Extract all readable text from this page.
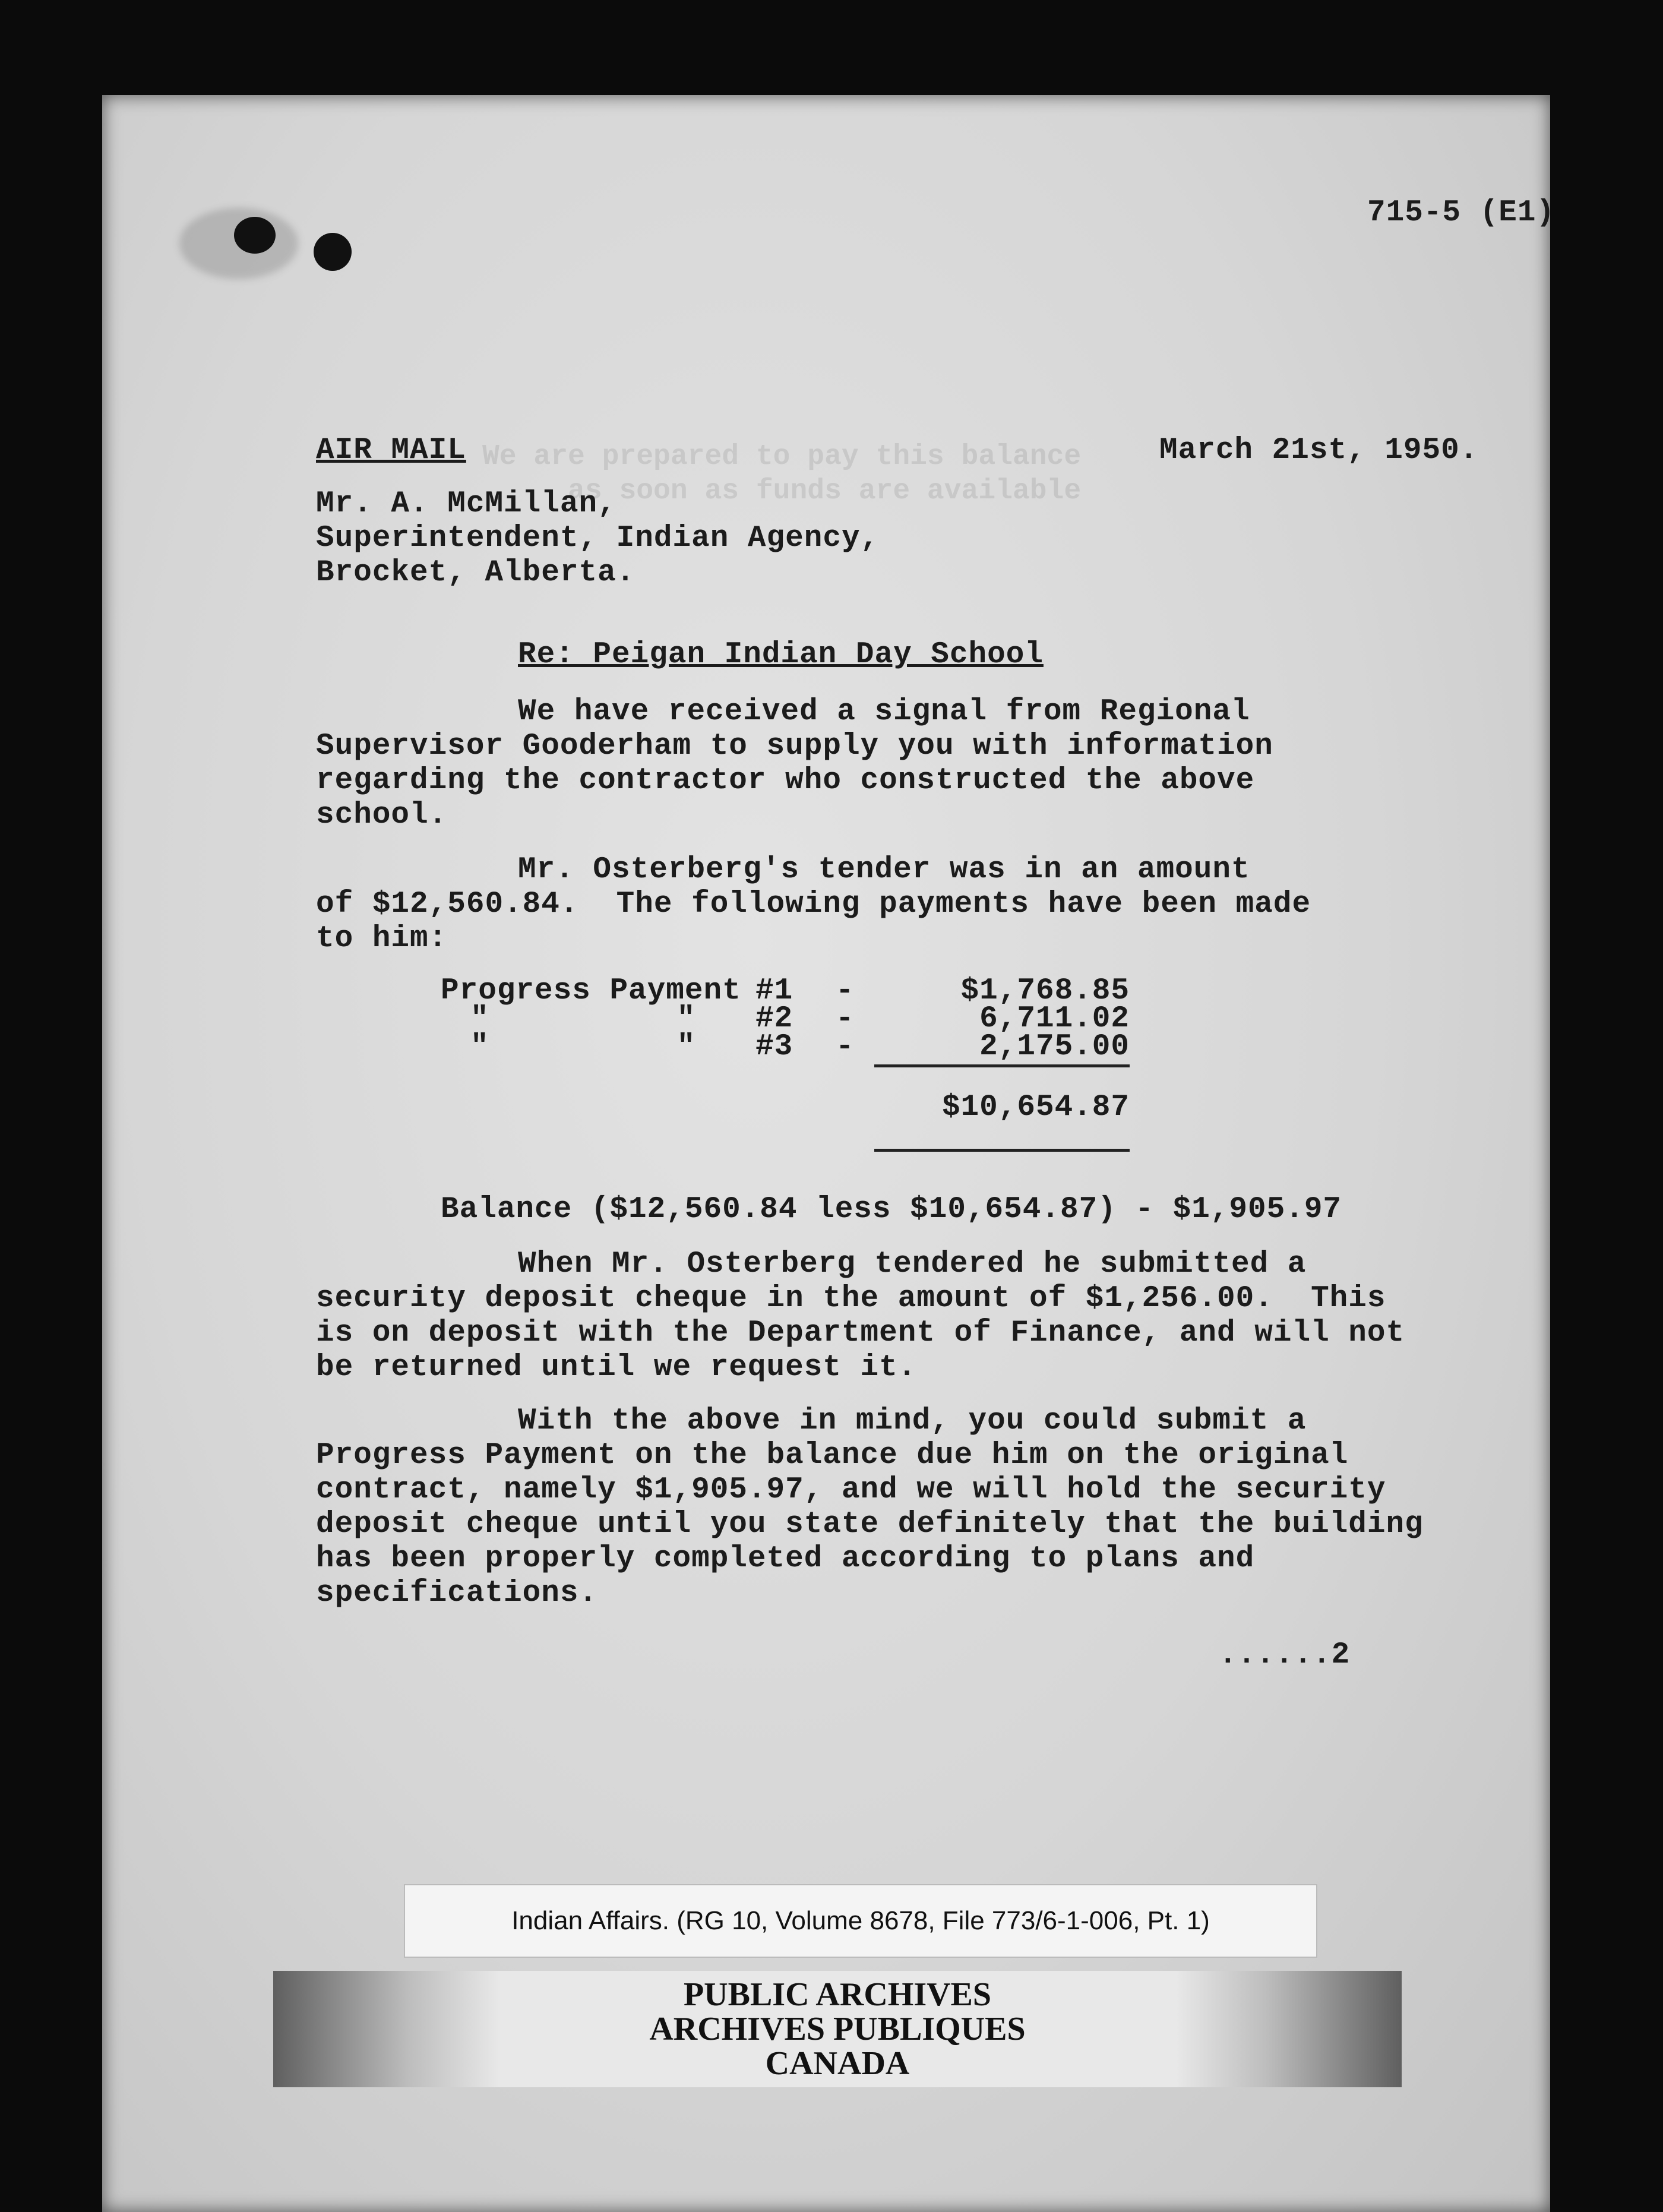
We are prepared to pay this balance
as soon as funds are available
715-5 (E1)
AIR MAIL	March 21st, 1950.
Mr. A. McMillan,
Superintendent, Indian Agency,
Brocket, Alberta.
Re: Peigan Indian Day School
We have received a signal from Regional
Supervisor Gooderham to supply you with information
regarding the contractor who constructed the above
school.
Mr. Osterberg's tender was in an amount
of $12,560.84.  The following payments have been made
to him:
Progress Payment #1 -	$1,768.85
"          " #2 -	6,711.02
"          " #3 -	2,175.00
$10,654.87
Balance ($12,560.84 less $10,654.87) - $1,905.97
When Mr. Osterberg tendered he submitted a
security deposit cheque in the amount of $1,256.00.  This
is on deposit with the Department of Finance, and will not
be returned until we request it.
With the above in mind, you could submit a
Progress Payment on the balance due him on the original
contract, namely $1,905.97, and we will hold the security
deposit cheque until you state definitely that the building
has been properly completed according to plans and
specifications.
......2
Indian Affairs. (RG 10, Volume 8678, File 773/6-1-006, Pt. 1)
PUBLIC ARCHIVES
ARCHIVES PUBLIQUES
CANADA
